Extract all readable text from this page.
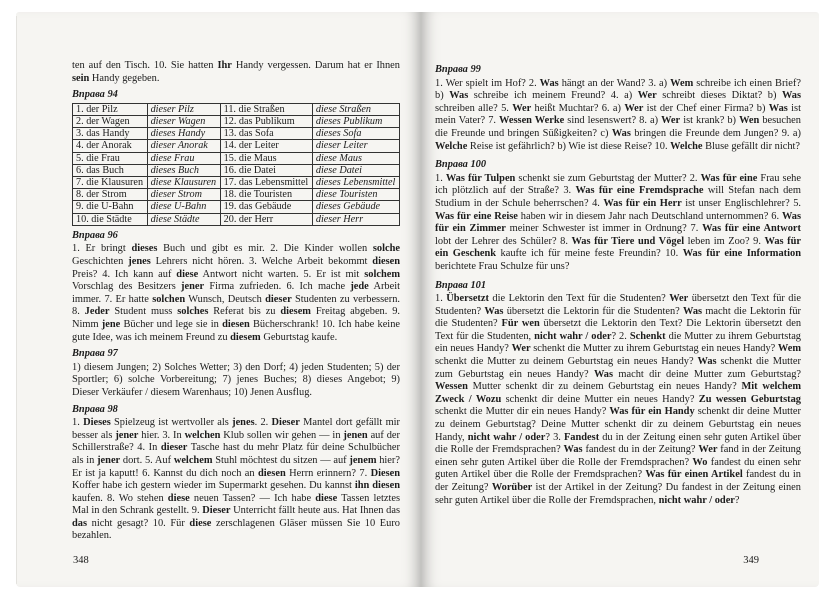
ten auf den Tisch. 10. Sie hatten Ihr Handy vergessen. Darum hat er Ihnen sein Handy gegeben.

Вправа 94

1. der Pilz	dieser Pilz	11. die Straßen	diese Straßen
2. der Wagen	dieser Wagen	12. das Publikum	dieses Publikum
3. das Handy	dieses Handy	13. das Sofa	dieses Sofa
4. der Anorak	dieser Anorak	14. der Leiter	dieser Leiter
5. die Frau	diese Frau	15. die Maus	diese Maus
6. das Buch	dieses Buch	16. die Datei	diese Datei
7. die Klausuren	diese Klausuren	17. das Lebensmittel	dieses Lebensmittel
8. der Strom	dieser Strom	18. die Touristen	diese Touristen
9. die U-Bahn	diese U-Bahn	19. das Gebäude	dieses Gebäude
10. die Städte	diese Städte	20. der Herr	dieser Herr

Вправа 96

1. Er bringt dieses Buch und gibt es mir. 2. Die Kinder wollen solche Geschichten jenes Lehrers nicht hören. 3. Welche Arbeit bekommt diesen Preis? 4. Ich kann auf diese Antwort nicht warten. 5. Er ist mit solchem Vorschlag des Besitzers jener Firma zufrieden. 6. Ich mache jede Arbeit immer. 7. Er hatte solchen Wunsch, Deutsch dieser Studenten zu verbessern. 8. Jeder Student muss solches Referat bis zu diesem Freitag abgeben. 9. Nimm jene Bücher und lege sie in diesen Bücherschrank! 10. Ich habe keine gute Idee, was ich meinem Freund zu diesem Geburtstag kaufe.

Вправа 97

1) diesem Jungen; 2) Solches Wetter; 3) den Dorf; 4) jeden Studenten; 5) der Sportler; 6) solche Vorbereitung; 7) jenes Buches; 8) dieses Angebot; 9) Dieser Verkäufer / diesem Warenhaus; 10) Jenen Ausflug.

Вправа 98

1. Dieses Spielzeug ist wertvoller als jenes. 2. Dieser Mantel dort gefällt mir besser als jener hier. 3. In welchen Klub sollen wir gehen — in jenen auf der Schillerstraße? 4. In dieser Tasche hast du mehr Platz für deine Schulbücher als in jener dort. 5. Auf welchem Stuhl möchtest du sitzen — auf jenem hier? Er ist ja kaputt! 6. Kannst du dich noch an diesen Herrn erinnern? 7. Diesen Koffer habe ich gestern wieder im Supermarkt gesehen. Du kannst ihn diesen kaufen. 8. Wo stehen diese neuen Tassen? — Ich habe diese Tassen letztes Mal in den Schrank gestellt. 9. Dieser Unterricht fällt heute aus. Hat Ihnen das das nicht gesagt? 10. Für diese zerschlagenen Gläser müssen Sie 10 Euro bezahlen.

348

Вправа 99

1. Wer spielt im Hof? 2. Was hängt an der Wand? 3. a) Wem schreibe ich einen Brief? b) Was schreibe ich meinem Freund? 4. a) Wer schreibt dieses Diktat? b) Was schreiben alle? 5. Wer heißt Muchtar? 6. a) Wer ist der Chef einer Firma? b) Was ist mein Vater? 7. Wessen Werke sind lesenswert? 8. a) Wer ist krank? b) Wen besuchen die Freunde und bringen Süßigkeiten? c) Was bringen die Freunde dem Jungen? 9. a) Welche Reise ist gefährlich? b) Wie ist diese Reise? 10. Welche Bluse gefällt dir nicht?

Вправа 100

1. Was für Tulpen schenkt sie zum Geburtstag der Mutter? 2. Was für eine Frau sehe ich plötzlich auf der Straße? 3. Was für eine Fremdsprache will Stefan nach dem Studium in der Schule beherrschen? 4. Was für ein Herr ist unser Englischlehrer? 5. Was für eine Reise haben wir in diesem Jahr nach Deutschland unternommen? 6. Was für ein Zimmer meiner Schwester ist immer in Ordnung? 7. Was für eine Antwort lobt der Lehrer des Schüler? 8. Was für Tiere und Vögel leben im Zoo? 9. Was für ein Geschenk kaufte ich für meine feste Freundin? 10. Was für eine Information berichtete Frau Schulze für uns?

Вправа 101

1. Übersetzt die Lektorin den Text für die Studenten? Wer übersetzt den Text für die Studenten? Was übersetzt die Lektorin für die Studenten? Was macht die Lektorin für die Studenten? Für wen übersetzt die Lektorin den Text? Die Lektorin übersetzt den Text für die Studenten, nicht wahr / oder? 2. Schenkt die Mutter zu ihrem Geburtstag ein neues Handy? Wer schenkt die Mutter zu ihrem Geburtstag ein neues Handy? Wem schenkt die Mutter zu deinem Geburtstag ein neues Handy? Was schenkt die Mutter zum Geburtstag ein neues Handy? Was macht dir deine Mutter zum Geburtstag? Wessen Mutter schenkt dir zu deinem Geburtstag ein neues Handy? Mit welchem Zweck / Wozu schenkt dir deine Mutter ein neues Handy? Zu wessen Geburtstag schenkt die Mutter dir ein neues Handy? Was für ein Handy schenkt dir deine Mutter zu deinem Geburtstag? Deine Mutter schenkt dir zu deinem Geburtstag ein neues Handy, nicht wahr / oder? 3. Fandest du in der Zeitung einen sehr guten Artikel über die Rolle der Fremdsprachen? Was fandest du in der Zeitung? Wer fand in der Zeitung einen sehr guten Artikel über die Rolle der Fremdsprachen? Wo fandest du einen sehr guten Artikel über die Rolle der Fremdsprachen? Was für einen Artikel fandest du in der Zeitung? Worüber ist der Artikel in der Zeitung? Du fandest in der Zeitung einen sehr guten Artikel über die Rolle der Fremdsprachen, nicht wahr / oder?

349
